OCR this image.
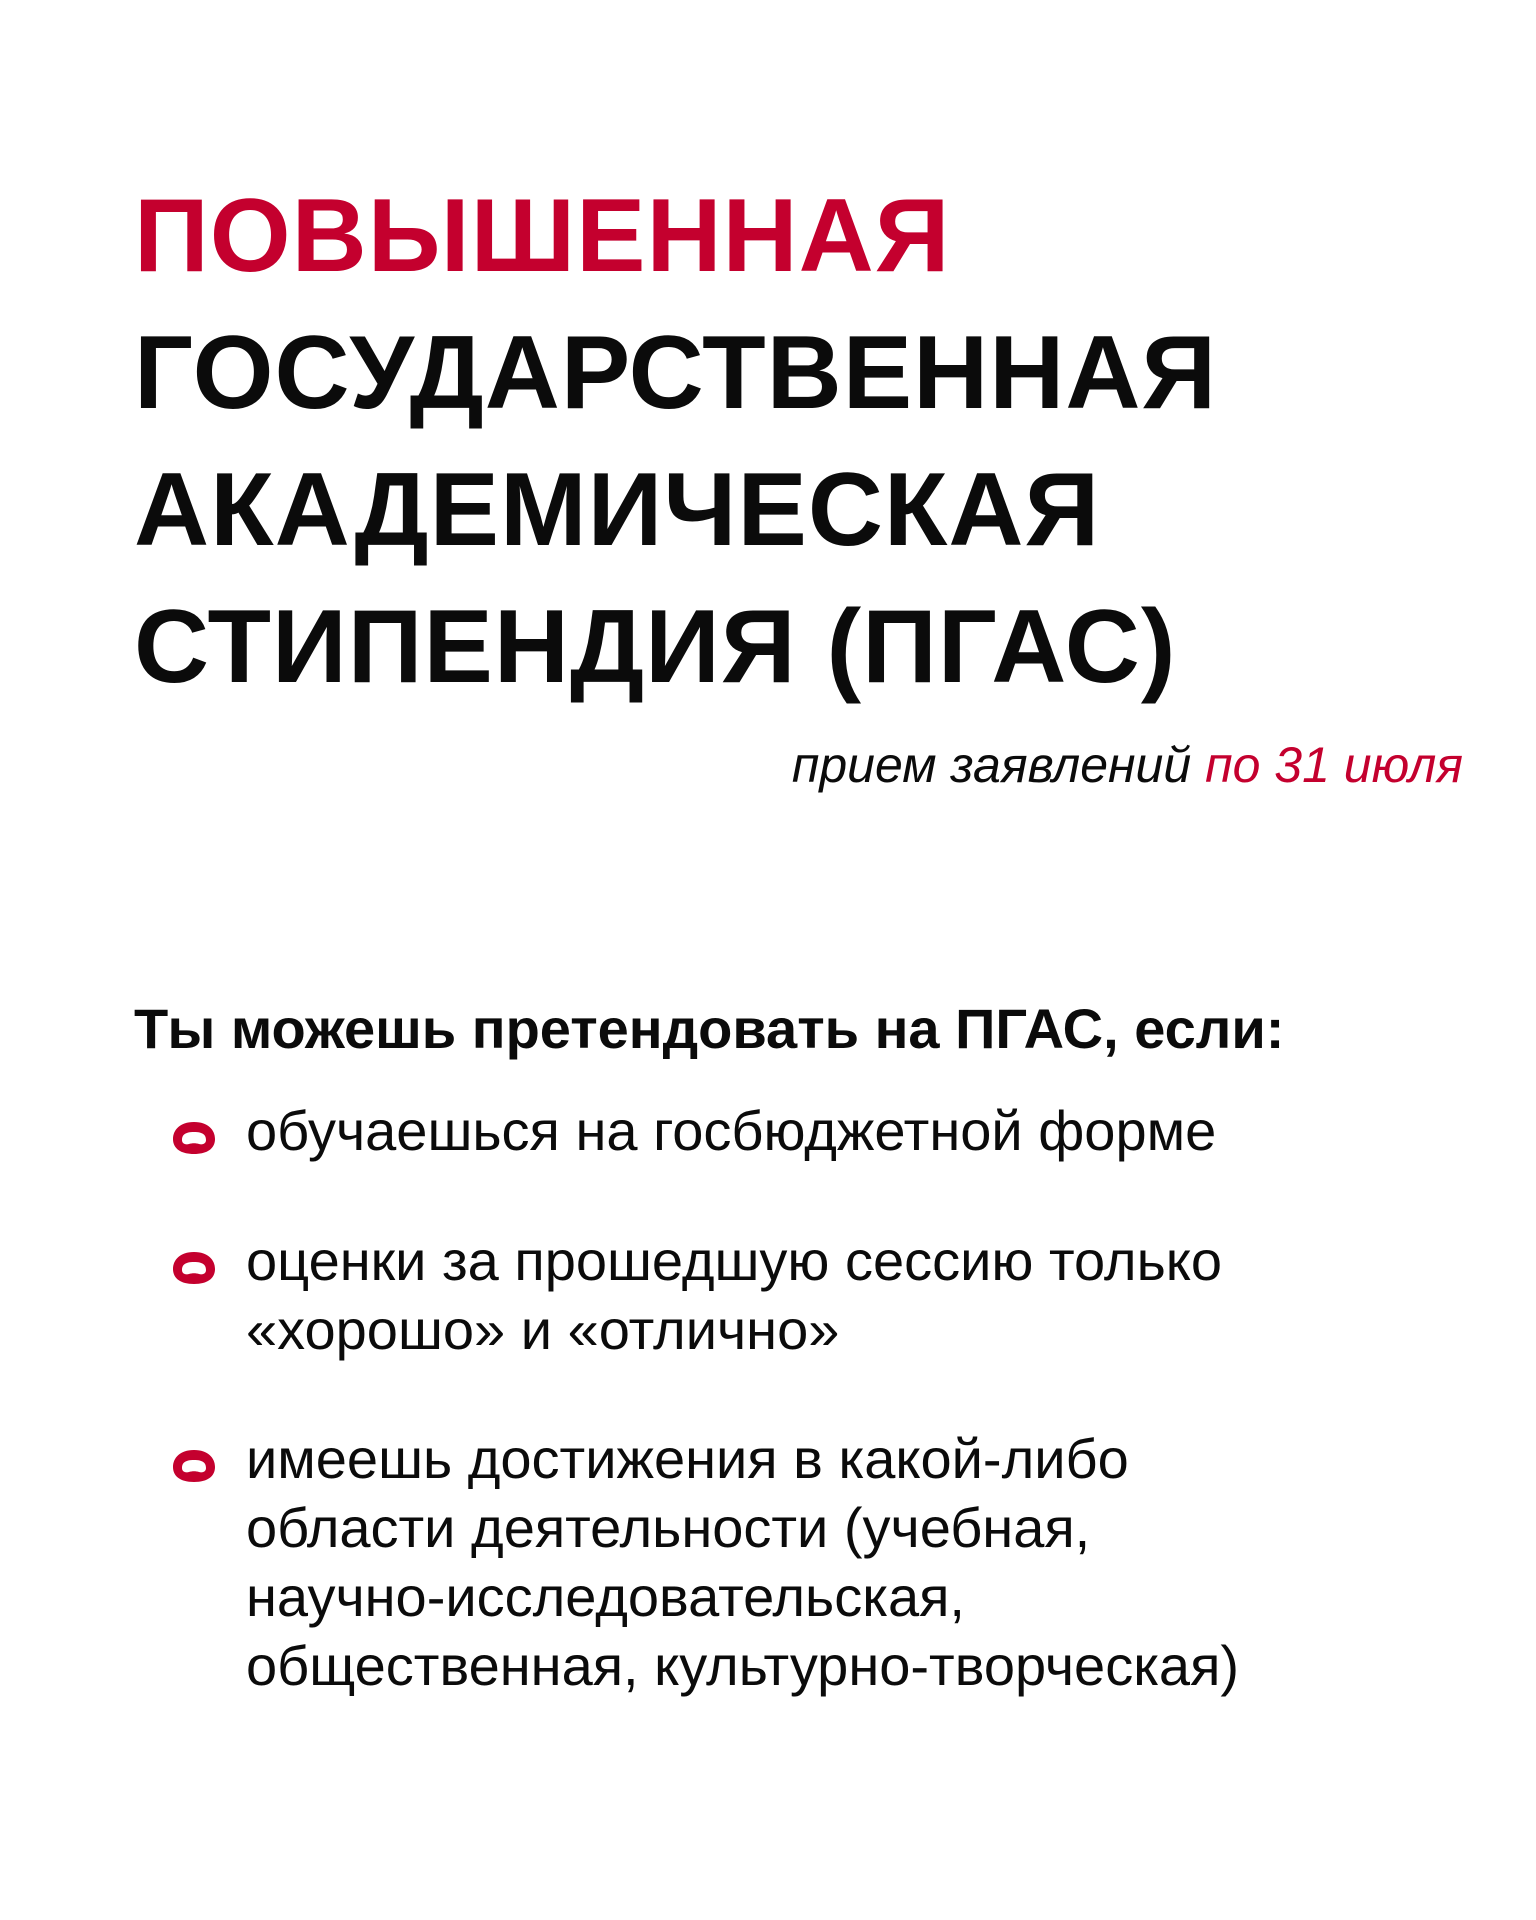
ПОВЫШЕННАЯ
ГОСУДАРСТВЕННАЯ
АКАДЕМИЧЕСКАЯ
СТИПЕНДИЯ (ПГАС)
прием заявлений по 31 июля
Ты можешь претендовать на ПГАС, если:
обучаешься на госбюджетной форме
оценки за прошедшую сессию только
«хорошо» и «отлично»
имеешь достижения в какой-либо
области деятельности (учебная,
научно-исследовательская,
общественная, культурно-творческая)
